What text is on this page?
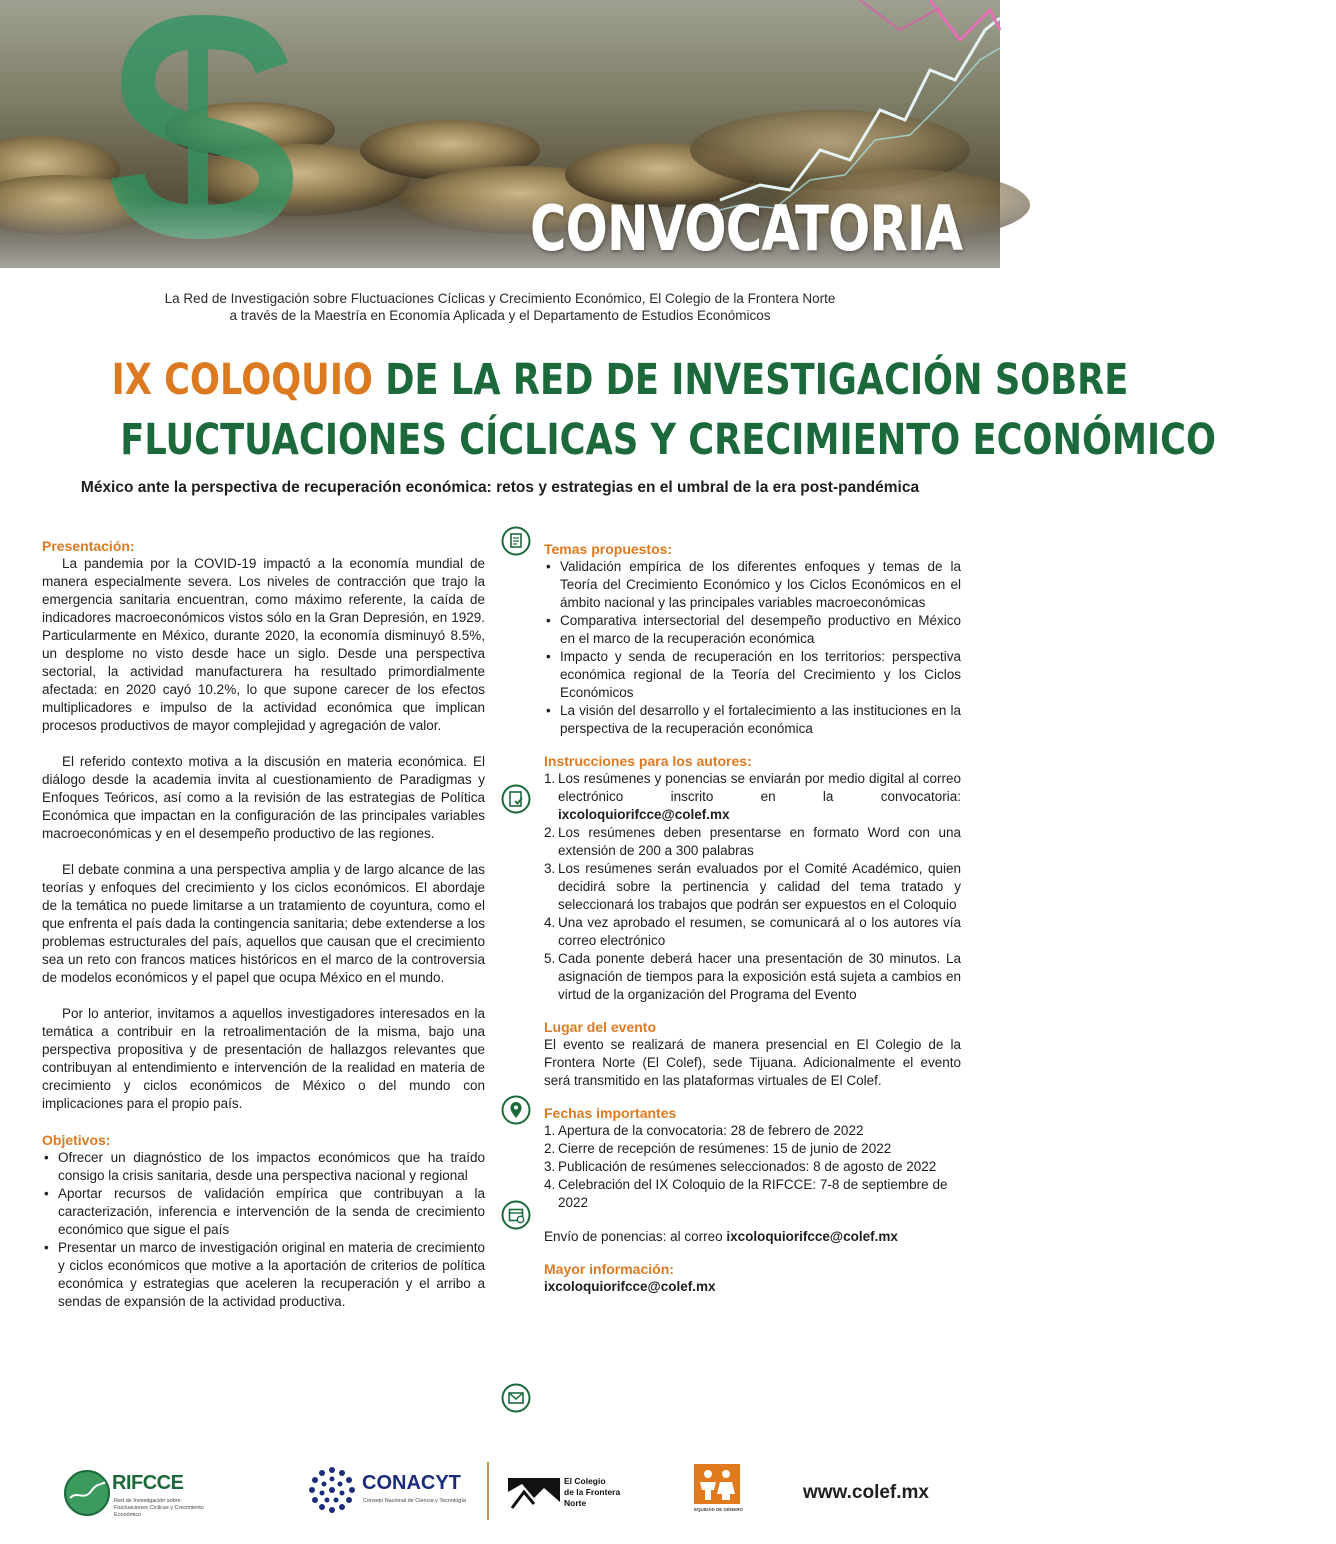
CONVOCATORIA
La Red de Investigación sobre Fluctuaciones Cíclicas y Crecimiento Económico, El Colegio de la Frontera Norte
a través de la Maestría en Economía Aplicada y el Departamento de Estudios Económicos
IX COLOQUIO DE LA RED DE INVESTIGACIÓN SOBRE
FLUCTUACIONES CÍCLICAS Y CRECIMIENTO ECONÓMICO
México ante la perspectiva de recuperación económica: retos y estrategias en el umbral de la era post-pandémica
Presentación:

La pandemia por la COVID-19 impactó a la economía mundial de manera especialmente severa. Los niveles de contracción que trajo la emergencia sanitaria encuentran, como máximo referente, la caída de indicadores macroeconómicos vistos sólo en la Gran Depresión, en 1929. Particularmente en México, durante 2020, la economía disminuyó 8.5%, un desplome no visto desde hace un siglo. Desde una perspectiva sectorial, la actividad manufacturera ha resultado primordialmente afectada: en 2020 cayó 10.2%, lo que supone carecer de los efectos multiplicadores e impulso de la actividad económica que implican procesos productivos de mayor complejidad y agregación de valor.

El referido contexto motiva a la discusión en materia económica. El diálogo desde la academia invita al cuestionamiento de Paradigmas y Enfoques Teóricos, así como a la revisión de las estrategias de Política Económica que impactan en la configuración de las principales variables macroeconómicas y en el desempeño productivo de las regiones.

El debate conmina a una perspectiva amplia y de largo alcance de las teorías y enfoques del crecimiento y los ciclos económicos. El abordaje de la temática no puede limitarse a un tratamiento de coyuntura, como el que enfrenta el país dada la contingencia sanitaria; debe extenderse a los problemas estructurales del país, aquellos que causan que el crecimiento sea un reto con francos matices históricos en el marco de la controversia de modelos económicos y el papel que ocupa México en el mundo.

Por lo anterior, invitamos a aquellos investigadores interesados en la temática a contribuir en la retroalimentación de la misma, bajo una perspectiva propositiva y de presentación de hallazgos relevantes que contribuyan al entendimiento e intervención de la realidad en materia de crecimiento y ciclos económicos de México o del mundo con implicaciones para el propio país.

Objetivos:
• Ofrecer un diagnóstico de los impactos económicos que ha traído consigo la crisis sanitaria, desde una perspectiva nacional y regional
• Aportar recursos de validación empírica que contribuyan a la caracterización, inferencia e intervención de la senda de crecimiento económico que sigue el país
• Presentar un marco de investigación original en materia de crecimiento y ciclos económicos que motive a la aportación de criterios de política económica y estrategias que aceleren la recuperación y el arribo a sendas de expansión de la actividad productiva.
Temas propuestos:
• Validación empírica de los diferentes enfoques y temas de la Teoría del Crecimiento Económico y los Ciclos Económicos en el ámbito nacional y las principales variables macroeconómicas
• Comparativa intersectorial del desempeño productivo en México en el marco de la recuperación económica
• Impacto y senda de recuperación en los territorios: perspectiva económica regional de la Teoría del Crecimiento y los Ciclos Económicos
• La visión del desarrollo y el fortalecimiento a las instituciones en la perspectiva de la recuperación económica
Instrucciones para los autores:
1. Los resúmenes y ponencias se enviarán por medio digital al correo electrónico inscrito en la convocatoria: ixcoloquiorifcce@colef.mx
2. Los resúmenes deben presentarse en formato Word con una extensión de 200 a 300 palabras
3. Los resúmenes serán evaluados por el Comité Académico, quien decidirá sobre la pertinencia y calidad del tema tratado y seleccionará los trabajos que podrán ser expuestos en el Coloquio
4. Una vez aprobado el resumen, se comunicará al o los autores vía correo electrónico
5. Cada ponente deberá hacer una presentación de 30 minutos. La asignación de tiempos para la exposición está sujeta a cambios en virtud de la organización del Programa del Evento
Lugar del evento

El evento se realizará de manera presencial en El Colegio de la Frontera Norte (El Colef), sede Tijuana. Adicionalmente el evento será transmitido en las plataformas virtuales de El Colef.

Fechas importantes
1. Apertura de la convocatoria: 28 de febrero de 2022
2. Cierre de recepción de resúmenes: 15 de junio de 2022
3. Publicación de resúmenes seleccionados: 8 de agosto de 2022
4. Celebración del IX Coloquio de la RIFCCE: 7-8 de septiembre de 2022
Envío de ponencias: al correo ixcoloquiorifcce@colef.mx
Mayor información:
ixcoloquiorifcce@colef.mx
RIFCCE
Red de Investigación sobre Fluctuaciones Cíclicas y Crecimiento Económico
CONACYT
Consejo Nacional de Ciencia y Tecnología
El Colegio
de la Frontera
Norte
EQUIDAD DE GÉNERO
www.colef.mx
